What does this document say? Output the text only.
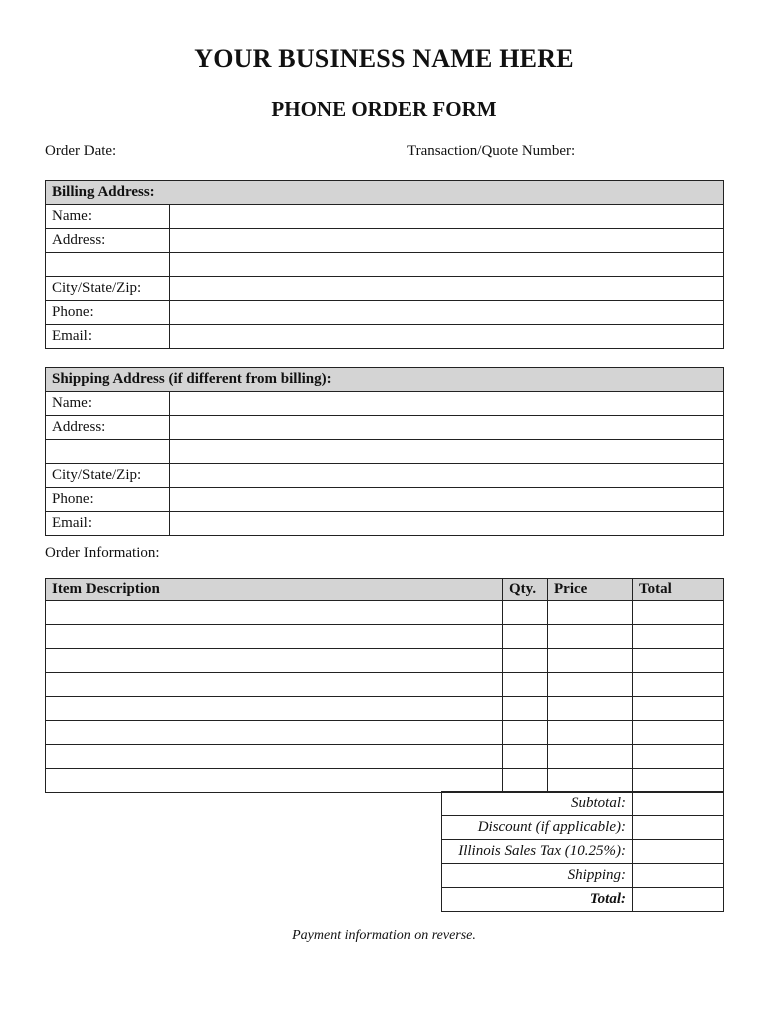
YOUR BUSINESS NAME HERE
PHONE ORDER FORM
Order Date:	Transaction/Quote Number:
Billing Address:	
Name:	
Address:	

City/State/Zip:	
Phone:	
Email:	
Shipping Address (if different from billing):	
Name:	
Address:	

City/State/Zip:	
Phone:	
Email:	
Order Information:
Item Description	Qty.	Price	Total

Subtotal:	
Discount (if applicable):	
Illinois Sales Tax (10.25%):	
Shipping:	
Total:	
Payment information on reverse.
